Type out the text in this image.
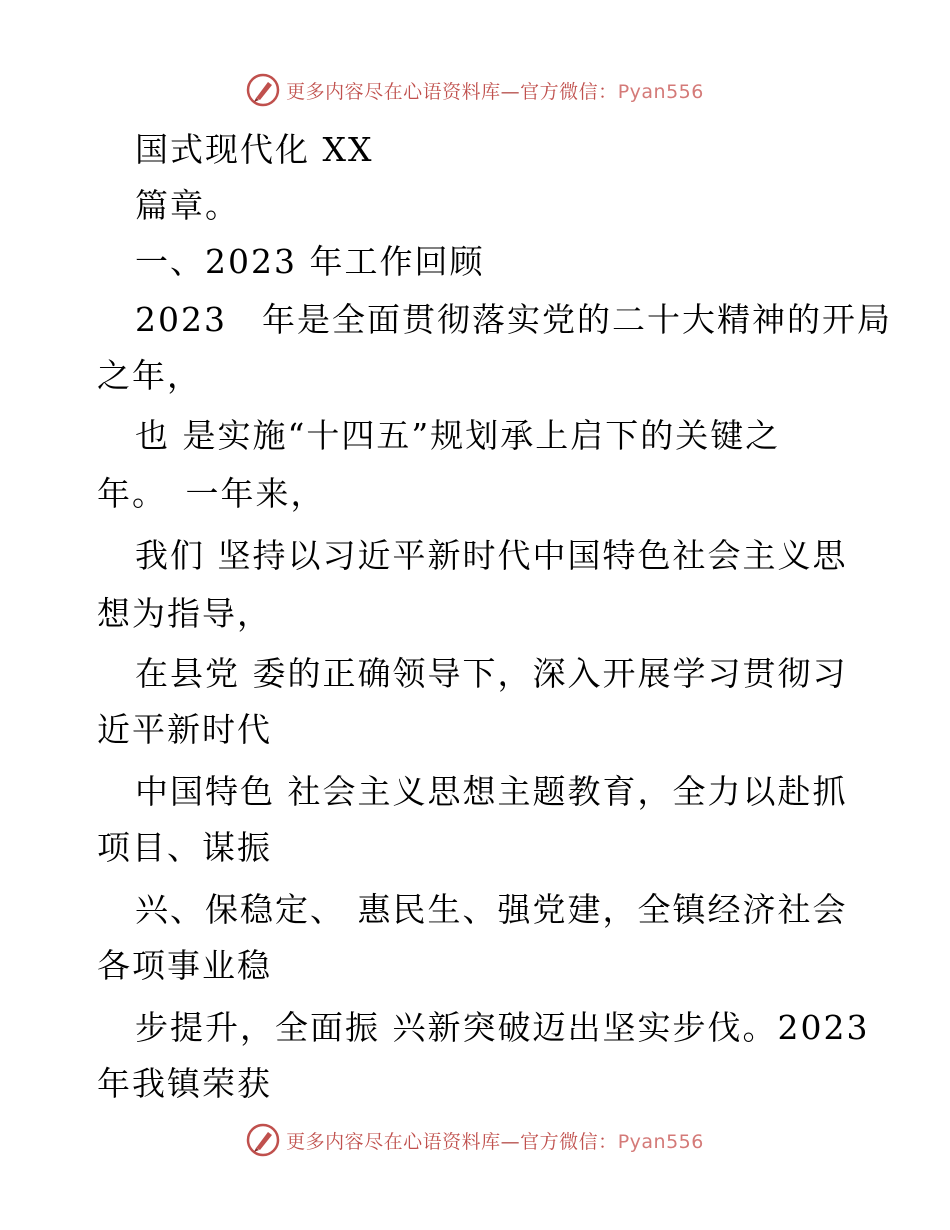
更多内容尽在心语资料库—官方微信：Pyan556
国式现代化 XX
篇章。
一、2023 年工作回顾
2023　年是全面贯彻落实党的二十大精神的开局
之年，
也 是实施“十四五”规划承上启下的关键之
年。　一年来，
我们 坚持以习近平新时代中国特色社会主义思
想为指导，
在县党 委的正确领导下，深入开展学习贯彻习
近平新时代
中国特色 社会主义思想主题教育，全力以赴抓
项目、谋振
兴、保稳定、 惠民生、强党建，全镇经济社会
各项事业稳
步提升，全面振 兴新突破迈出坚实步伐。2023
年我镇荣获
更多内容尽在心语资料库—官方微信：Pyan556
